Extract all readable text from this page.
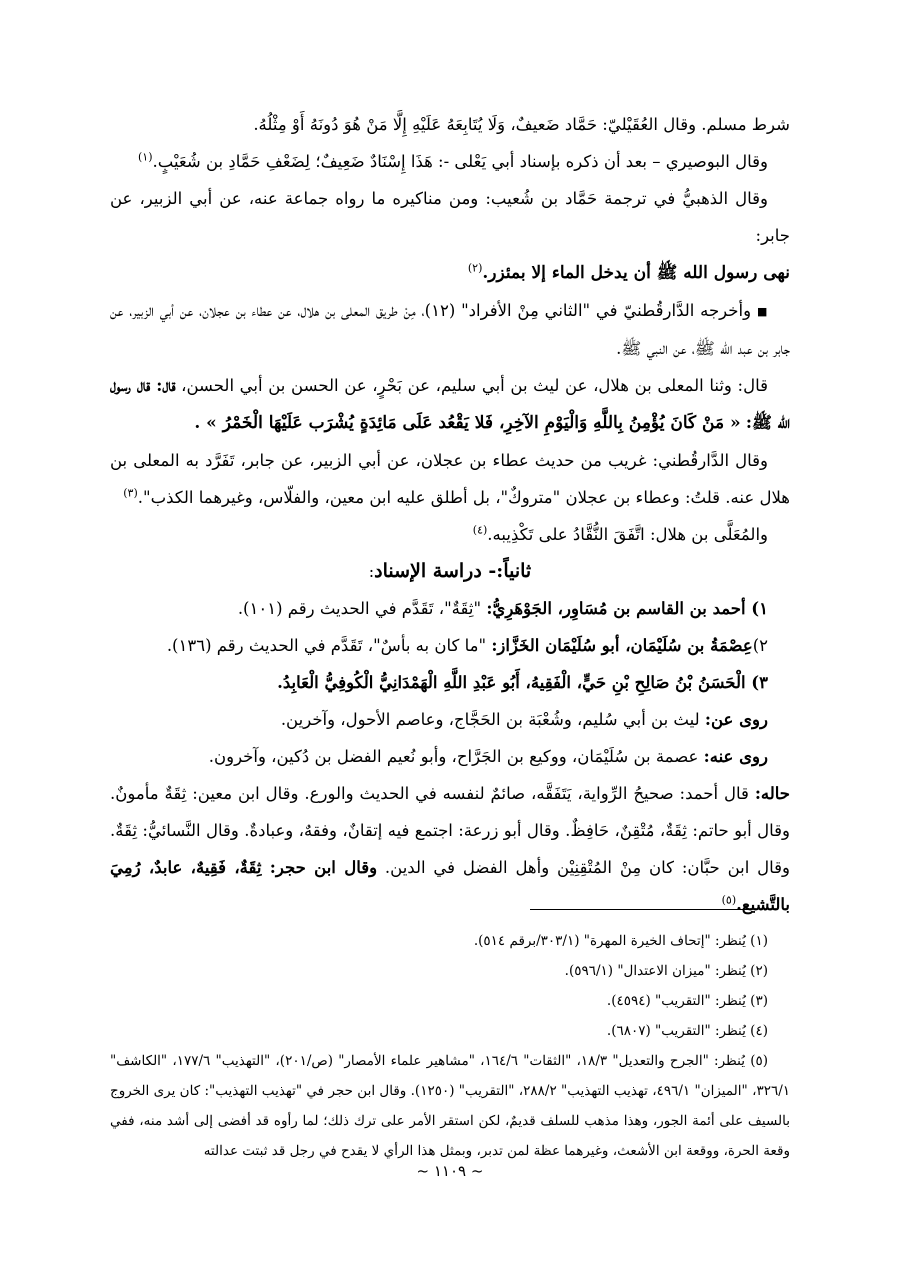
شرط مسلم. وقال العُقَيْليّ: حَمَّاد ضَعيفٌ، وَلَا يُتَابِعَهُ عَلَيْهِ إِلَّا مَنْ هُوَ دُونَهُ أَوْ مِثْلُهُ.

وقال البوصيري – بعد أن ذكره بإسناد أبي يَعْلى -: هَذَا إِسْنَادٌ ضَعِيفٌ؛ لِضَعْفِ حَمَّادِ بن شُعَيْبٍ.$^{(١)}$

وقال الذهبيُّ في ترجمة حَمَّاد بن شُعيب: ومن مناكيره ما رواه جماعة عنه، عن أبي الزبير، عن جابر:

نهى رسول الله ﷺ أن يدخل الماء إلا بمئزر.$^{(٢)}$

■وأخرجه الدَّارقُطنيّ في "الثاني مِنْ الأفراد" (١٢)، مِنْ طريق المعلى بن هلال، عن عطاء بن عجلان، عن أبي الزبير، عن جابر بن عبد الله ﷺ، عن النبي ﷺ.

قال: وثنا المعلى بن هلال، عن ليث بن أبي سليم، عن بَحْرٍ، عن الحسن بن أبي الحسن، قال: قال رسول الله ﷺ: « مَنْ كَانَ يُؤْمِنُ بِاللَّهِ وَالْيَوْمِ الآخِرِ، فَلا يَقْعُد عَلَى مَائِدَةٍ يُشْرَب عَلَيْهَا الْخَمْرُ » .

وقال الدَّارقُطني: غريب من حديث عطاء بن عجلان، عن أبي الزبير، عن جابر، تَفَرَّد به المعلى بن هلال عنه. قلتُ: وعطاء بن عجلان "متروكٌ"، بل أطلق عليه ابن معين، والفلّاس، وغيرهما الكذب".$^{(٣)}$

والمُعَلَّى بن هلال: اتَّفَقَ النُّقَّادُ على تَكْذِيبه.$^{(٤)}$

ثانياً:- دراسة الإسناد:

١) أحمد بن القاسم بن مُسَاوِر، الجَوْهَرِيُّ: "ثِقَةٌ"، تَقَدَّم في الحديث رقم (١٠١).

٢)عِصْمَةُ بن سُلَيْمَان، أبو سُلَيْمَان الخَزَّاز: "ما كان به بأسٌ"، تَقَدَّم في الحديث رقم (١٣٦).

٣) الْحَسَنُ بْنُ صَالِحِ بْنِ حَيٍّ، الْفَقِيهُ، أَبُو عَبْدِ اللَّهِ الْهَمْدَانِيُّ الْكُوفِيُّ الْعَابِدُ.

روى عن: ليث بن أبي سُليم، وشُعْبَة بن الحَجَّاج، وعاصم الأحول، وآخرين.

روى عنه: عصمة بن سُلَيْمَان، ووكيع بن الجَرَّاح، وأبو نُعيم الفضل بن دُكين، وآخرون.

حاله: قال أحمد: صحيحُ الرِّواية، يَتَفَقَّه، صائمٌ لنفسه في الحديث والورع. وقال ابن معين: ثِقَةٌ مأمونٌ. وقال أبو حاتم: ثِقَةٌ، مُتْقِنٌ، حَافِظٌ. وقال أبو زرعة: اجتمع فيه إتقانٌ، وفقهٌ، وعبادةٌ. وقال النَّسائيُّ: ثِقَةٌ. وقال ابن حبَّان: كان مِنْ المُتْقِنِيْن وأهل الفضل في الدين. وقال ابن حجر: ثِقَةٌ، فَقِيهٌ، عابدٌ، رُمِيَ بالتَّشيع.$^{(٥)}$

(١) يُنظر: "إتحاف الخيرة المهرة" (٣٠٣/١/برقم ٥١٤).

(٢) يُنظر: "ميزان الاعتدال" (٥٩٦/١).

(٣) يُنظر: "التقريب" (٤٥٩٤).

(٤) يُنظر: "التقريب" (٦٨٠٧).

(٥) يُنظر: "الجرح والتعديل" ١٨/٣، "الثقات" ١٦٤/٦، "مشاهير علماء الأمصار" (ص/٢٠١)، "التهذيب" ١٧٧/٦، "الكاشف" ٣٢٦/١، "الميزان" ٤٩٦/١، تهذيب التهذيب" ٢٨٨/٢، "التقريب" (١٢٥٠). وقال ابن حجر في "تهذيب التهذيب": كان يرى الخروج بالسيف على أئمة الجور، وهذا مذهب للسلف قديمٌ، لكن استقر الأمر على ترك ذلك؛ لما رأوه قد أفضى إلى أشد منه، ففي وقعة الحرة، ووقعة ابن الأشعث، وغيرهما عظة لمن تدبر، وبمثل هذا الرأي لا يقدح في رجل قد ثبتت عدالته

~ ١١٠٩ ~
